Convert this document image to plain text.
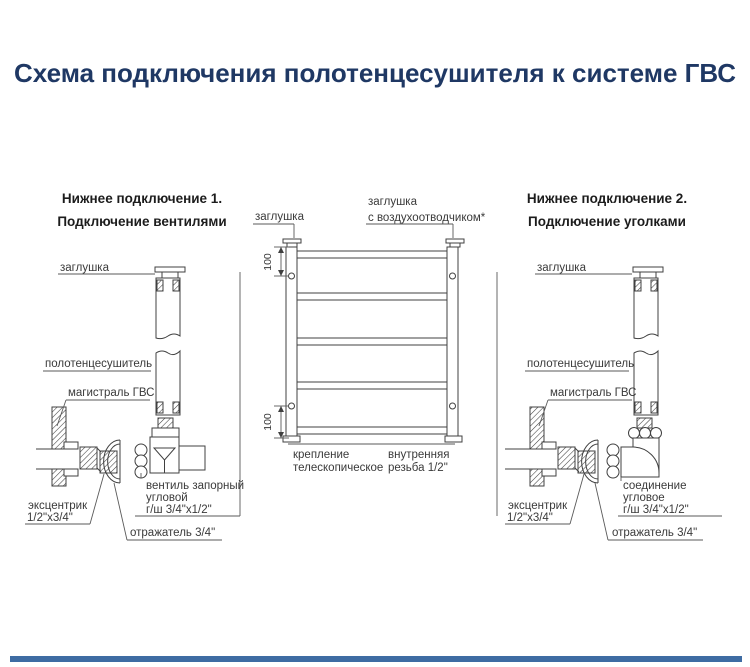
Схема подключения полотенцесушителя к системе ГВС
Нижнее подключение 1.
Подключение вентилями
заглушка
полотенцесушитель
магистраль ГВС
вентиль запорный
угловой
г/ш 3/4"x1/2"
эксцентрик
1/2"x3/4"
отражатель 3/4"
100
100
заглушка
заглушка
с воздухоотводчиком*
крепление
телескопическое
внутренняя
резьба 1/2"
Нижнее подключение 2.
Подключение уголками
заглушка
полотенцесушитель
магистраль ГВС
соединение
угловое
г/ш 3/4"x1/2"
эксцентрик
1/2"x3/4"
отражатель 3/4"
